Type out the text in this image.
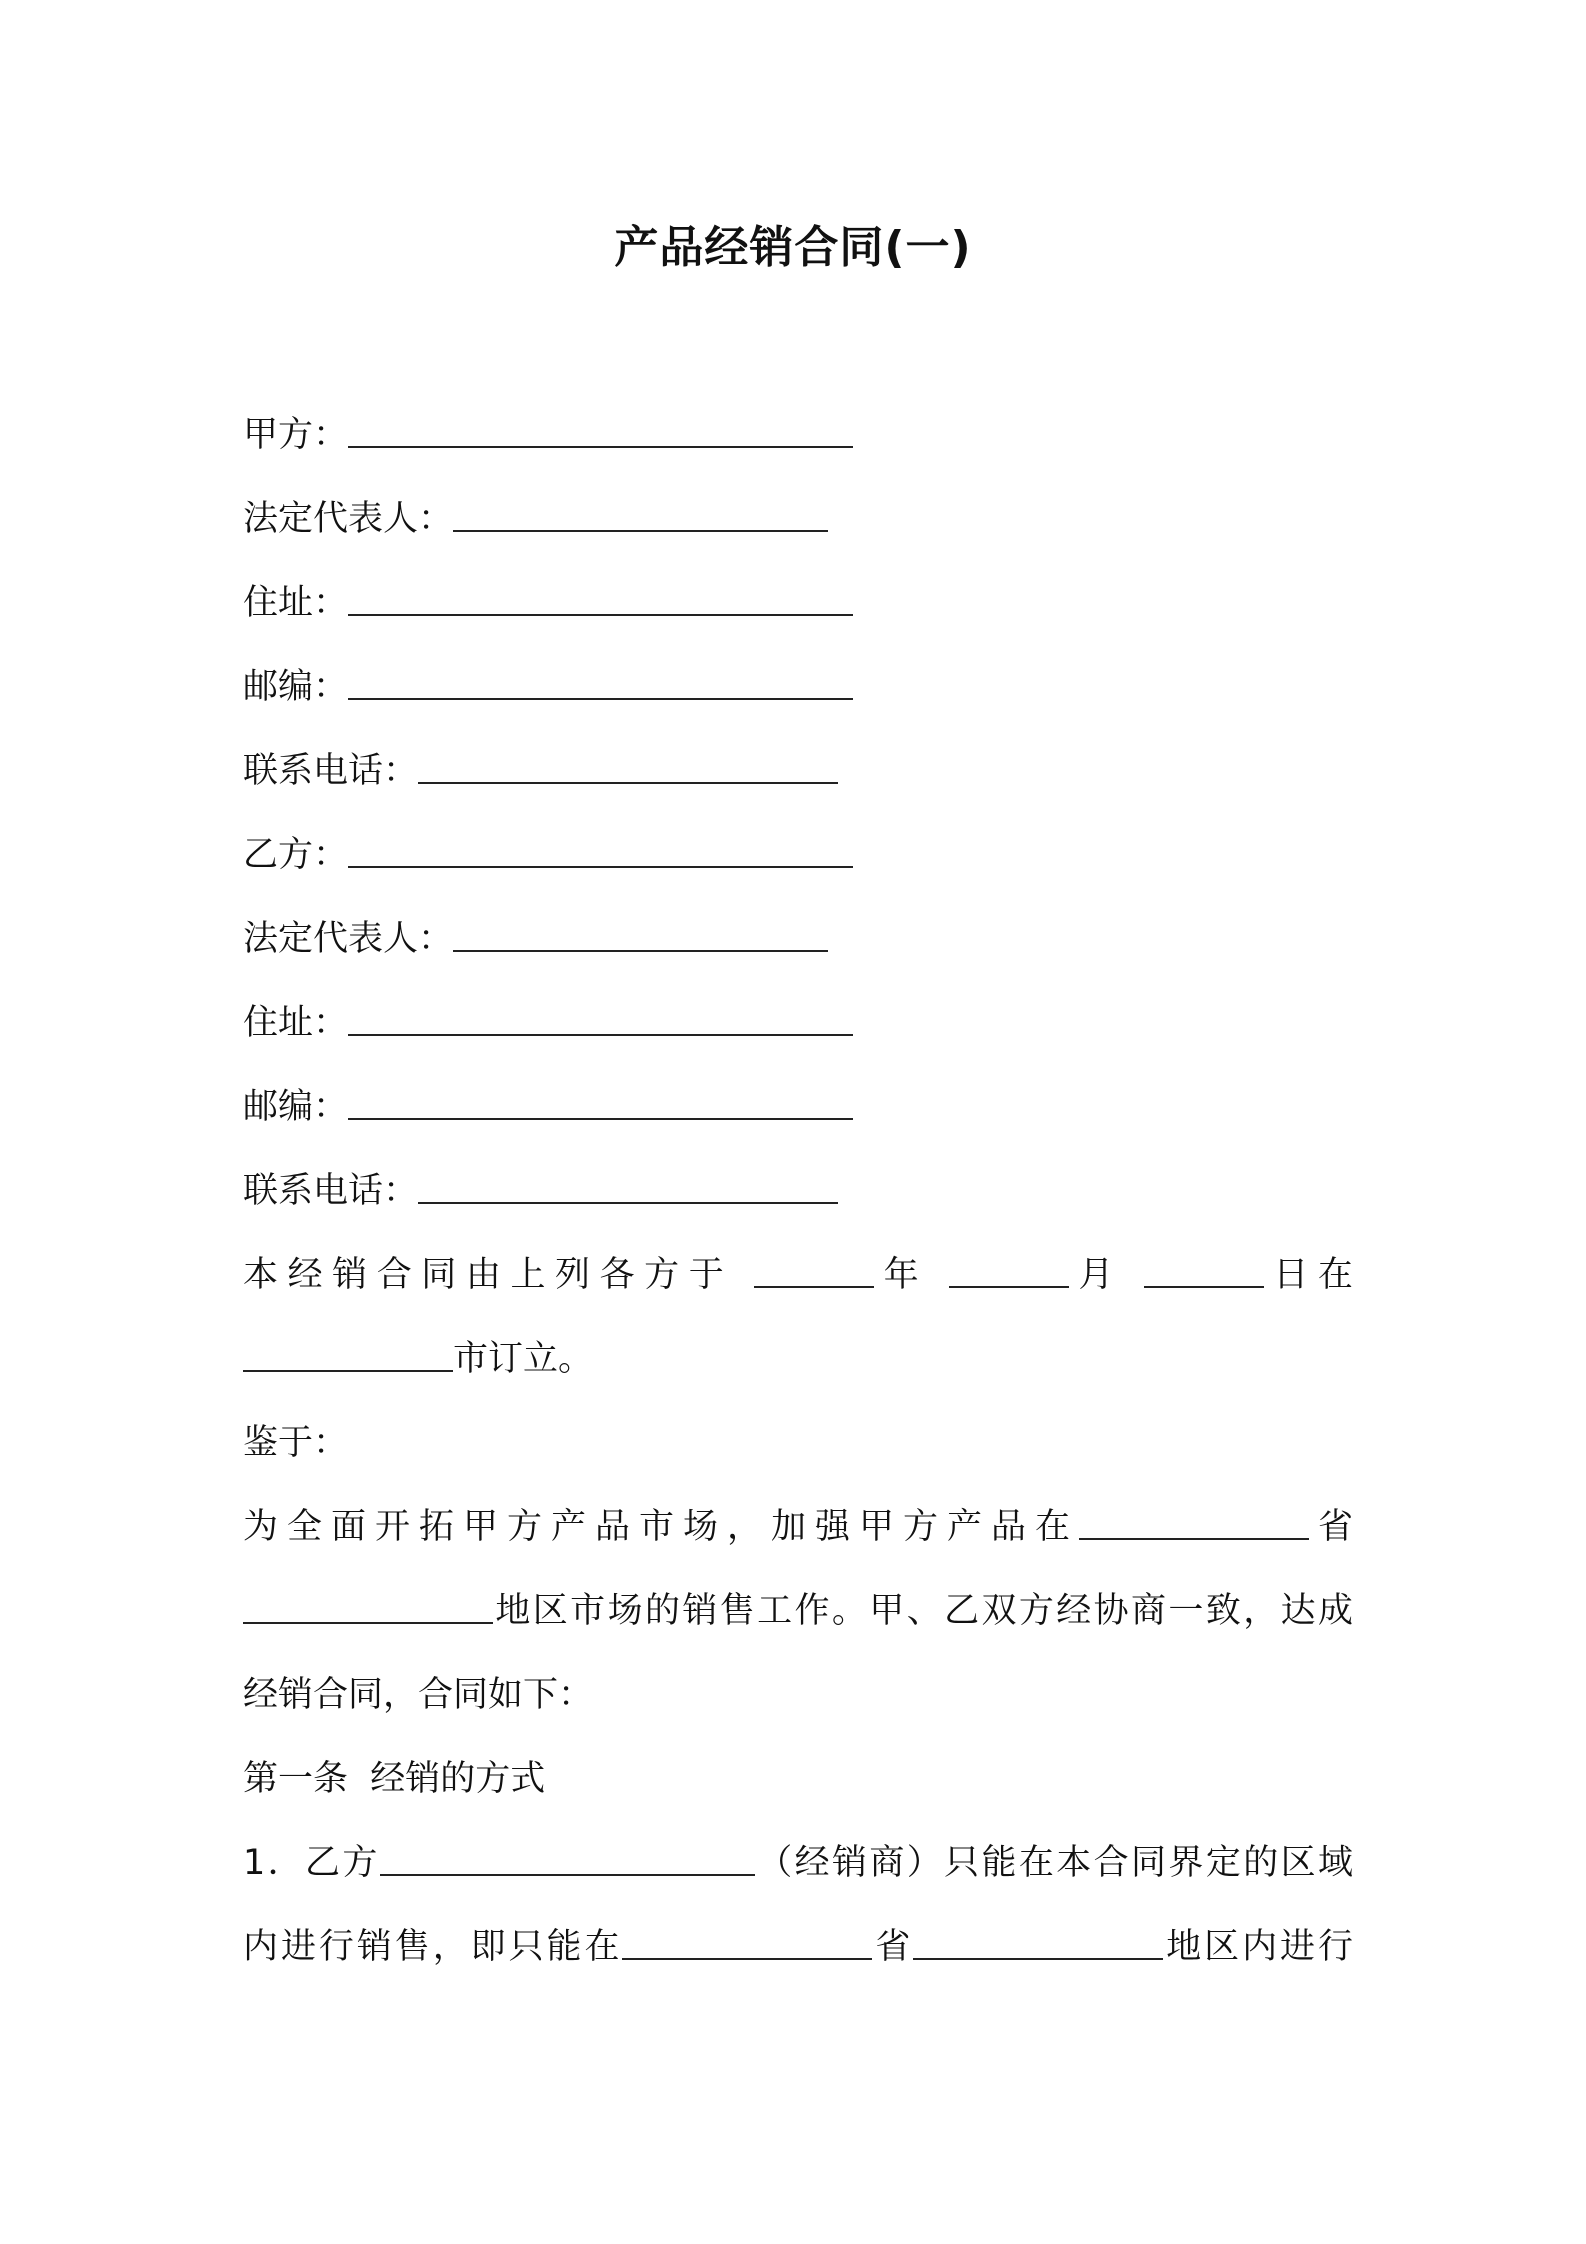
产品经销合同(一)
甲方：
法定代表人：
住址：
邮编：
联系电话：
乙方：
法定代表人：
住址：
邮编：
联系电话：
本经销合同由上列各方于	年	月	日在
市订立。
鉴于：
为全面开拓甲方产品市场，加强甲方产品在	省
地区市场的销售工作。甲、乙双方经协商一致，达成
经销合同，合同如下：
第一条  经销的方式
1．乙方	（经销商）只能在本合同界定的区域
内进行销售，即只能在	省	地区内进行
